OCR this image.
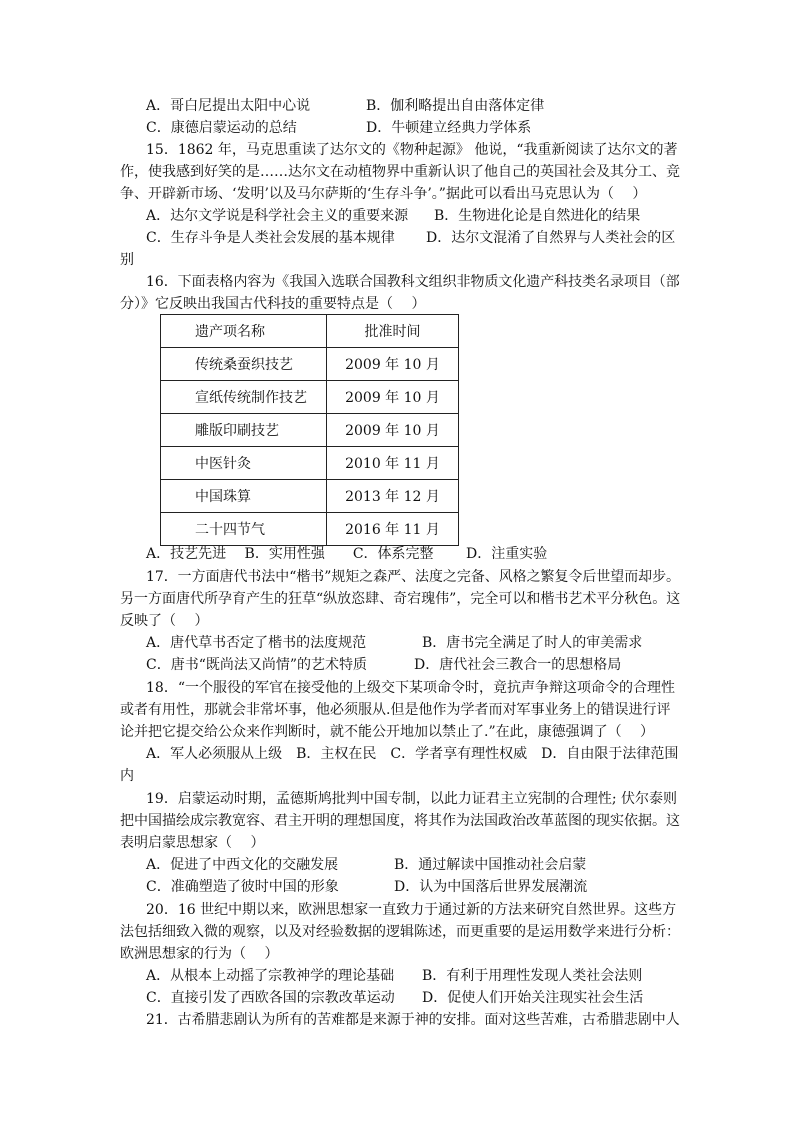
A．哥白尼提出太阳中心说	B．伽利略提出自由落体定律
C．康德启蒙运动的总结	D．牛顿建立经典力学体系
15．1862 年，马克思重读了达尔文的《物种起源》 他说，“我重新阅读了达尔文的著
作，使我感到好笑的是……达尔文在动植物界中重新认识了他自己的英国社会及其分工、竞
争、开辟新市场、‘发明’以及马尔萨斯的‘生存斗争’。”据此可以看出马克思认为（　 ）
A．达尔文学说是科学社会主义的重要来源 B．生物进化论是自然进化的结果
C．生存斗争是人类社会发展的基本规律 D．达尔文混淆了自然界与人类社会的区
别
16．下面表格内容为《我国入选联合国教科文组织非物质文化遗产科技类名录项目（部
分）》它反映出我国古代科技的重要特点是（　 ）
遗产项名称	批准时间
传统桑蚕织技艺	2009 年 10 月
宣纸传统制作技艺	2009 年 10 月
雕版印刷技艺	2009 年 10 月
中医针灸	2010 年 11 月
中国珠算	2013 年 12 月
二十四节气	2016 年 11 月
A．技艺先进　 B．实用性强　　C．体系完整　　 D．注重实验
17．一方面唐代书法中“楷书”规矩之森严、法度之完备、风格之繁复令后世望而却步。
另一方面唐代所孕育产生的狂草“纵放恣肆、奇宕瑰伟”，完全可以和楷书艺术平分秋色。这
反映了（　 ）
A．唐代草书否定了楷书的法度规范	B．唐书完全满足了时人的审美需求
C．唐书“既尚法又尚情”的艺术特质	D．唐代社会三教合一的思想格局
18．“一个服役的军官在接受他的上级交下某项命令时，竟抗声争辩这项命令的合理性
或者有用性，那就会非常坏事，他必须服从.但是他作为学者而对军事业务上的错误进行评
论并把它提交给公众来作判断时，就不能公开地加以禁止了.”在此，康德强调了（　 ）
A．军人必须服从上级　B．主权在民　C．学者享有理性权威　D．自由限于法律范围
内
19．启蒙运动时期，孟德斯鸠批判中国专制，以此力证君主立宪制的合理性; 伏尔泰则
把中国描绘成宗教宽容、君主开明的理想国度，将其作为法国政治改革蓝图的现实依据。这
表明启蒙思想家（　 ）
A．促进了中西文化的交融发展	B．通过解读中国推动社会启蒙
C．准确塑造了彼时中国的形象	D．认为中国落后世界发展潮流
20．16 世纪中期以来，欧洲思想家一直致力于通过新的方法来研究自然世界。这些方
法包括细致入微的观察，以及对经验数据的逻辑陈述，而更重要的是运用数学来进行分析：
欧洲思想家的行为（　 ）
A．从根本上动摇了宗教神学的理论基础 B．有利于用理性发现人类社会法则
C．直接引发了西欧各国的宗教改革运动 D．促使人们开始关注现实社会生活
21．古希腊悲剧认为所有的苦难都是来源于神的安排。面对这些苦难，古希腊悲剧中人
